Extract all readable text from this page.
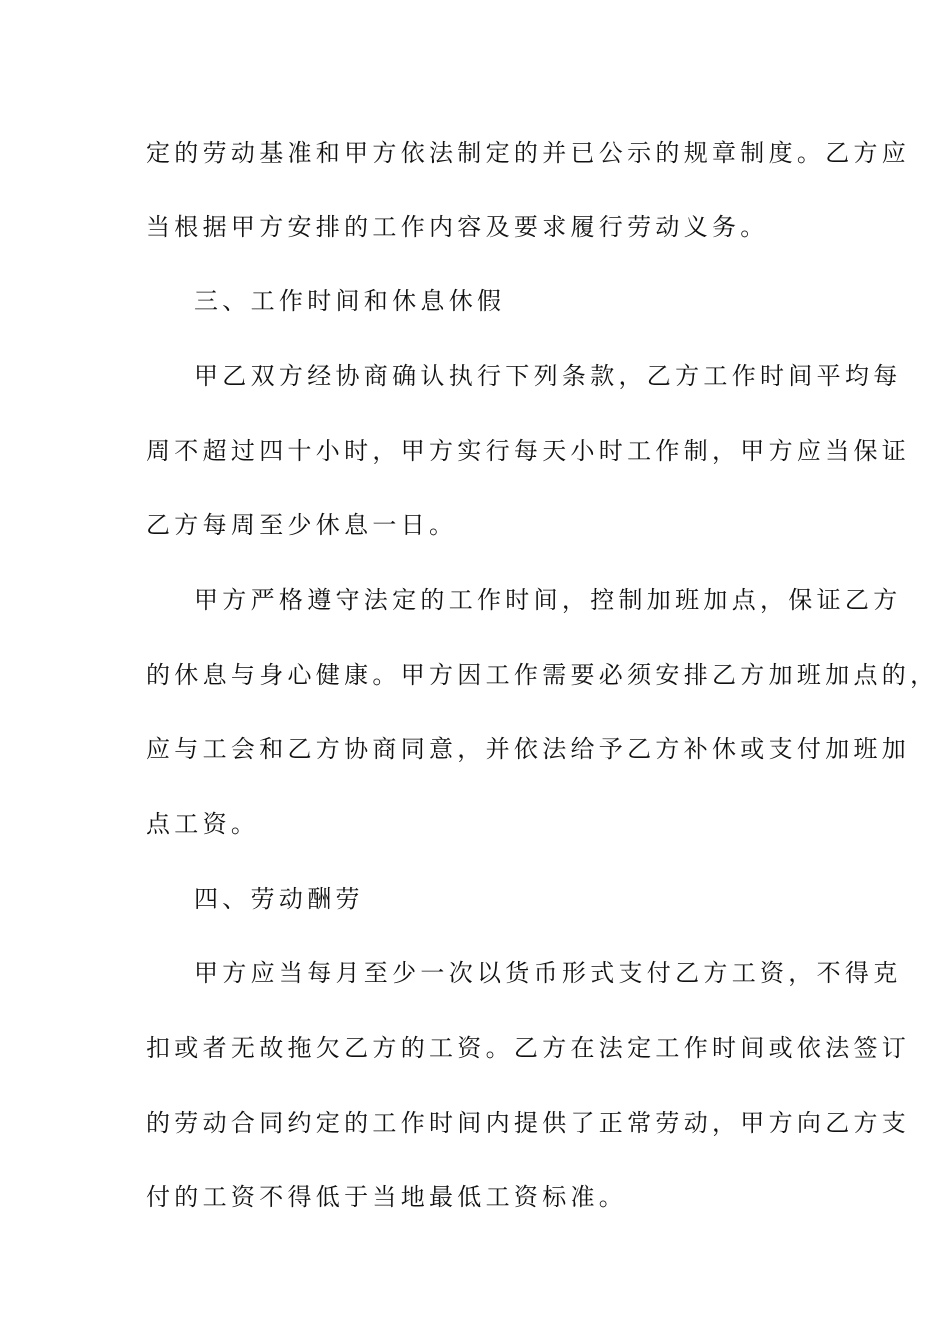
定的劳动基准和甲方依法制定的并已公示的规章制度。乙方应
当根据甲方安排的工作内容及要求履行劳动义务。
三、工作时间和休息休假
甲乙双方经协商确认执行下列条款，乙方工作时间平均每
周不超过四十小时，甲方实行每天小时工作制，甲方应当保证
乙方每周至少休息一日。
甲方严格遵守法定的工作时间，控制加班加点，保证乙方
的休息与身心健康。甲方因工作需要必须安排乙方加班加点的，
应与工会和乙方协商同意，并依法给予乙方补休或支付加班加
点工资。
四、劳动酬劳
甲方应当每月至少一次以货币形式支付乙方工资，不得克
扣或者无故拖欠乙方的工资。乙方在法定工作时间或依法签订
的劳动合同约定的工作时间内提供了正常劳动，甲方向乙方支
付的工资不得低于当地最低工资标准。
